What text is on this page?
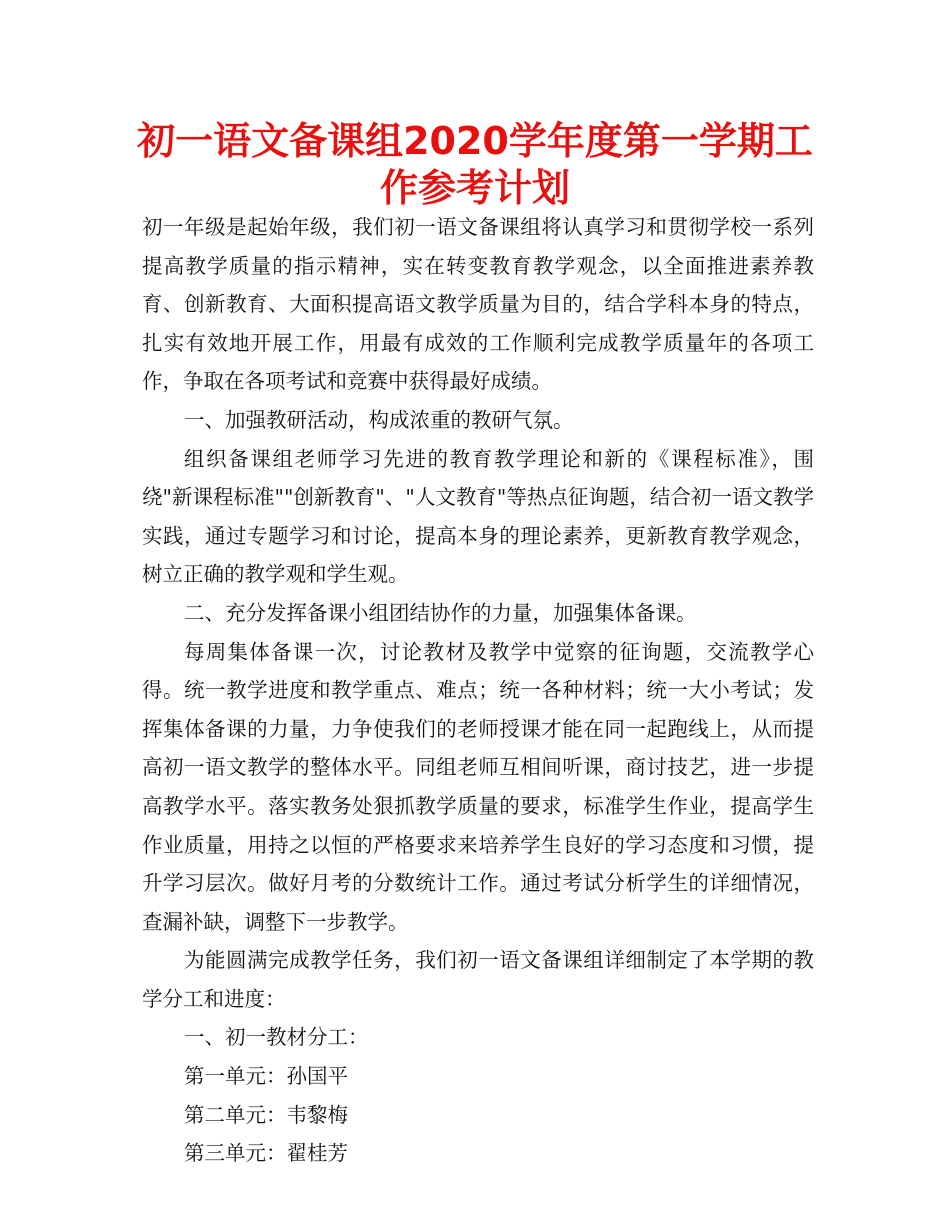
初一语文备课组2020学年度第一学期工作参考计划

初一年级是起始年级，我们初一语文备课组将认真学习和贯彻学校一系列提高教学质量的指示精神，实在转变教育教学观念，以全面推进素养教育、创新教育、大面积提高语文教学质量为目的，结合学科本身的特点，扎实有效地开展工作，用最有成效的工作顺利完成教学质量年的各项工作，争取在各项考试和竞赛中获得最好成绩。

一、加强教研活动，构成浓重的教研气氛。

组织备课组老师学习先进的教育教学理论和新的《课程标准》，围绕"新课程标准""创新教育"、"人文教育"等热点征询题，结合初一语文教学实践，通过专题学习和讨论，提高本身的理论素养，更新教育教学观念，树立正确的教学观和学生观。

二、充分发挥备课小组团结协作的力量，加强集体备课。

每周集体备课一次，讨论教材及教学中觉察的征询题，交流教学心得。统一教学进度和教学重点、难点；统一各种材料；统一大小考试；发挥集体备课的力量，力争使我们的老师授课才能在同一起跑线上，从而提高初一语文教学的整体水平。同组老师互相间听课，商讨技艺，进一步提高教学水平。落实教务处狠抓教学质量的要求，标准学生作业，提高学生作业质量，用持之以恒的严格要求来培养学生良好的学习态度和习惯，提升学习层次。做好月考的分数统计工作。通过考试分析学生的详细情况，查漏补缺，调整下一步教学。

为能圆满完成教学任务，我们初一语文备课组详细制定了本学期的教学分工和进度：

一、初一教材分工：

第一单元：孙国平

第二单元：韦黎梅

第三单元：翟桂芳
